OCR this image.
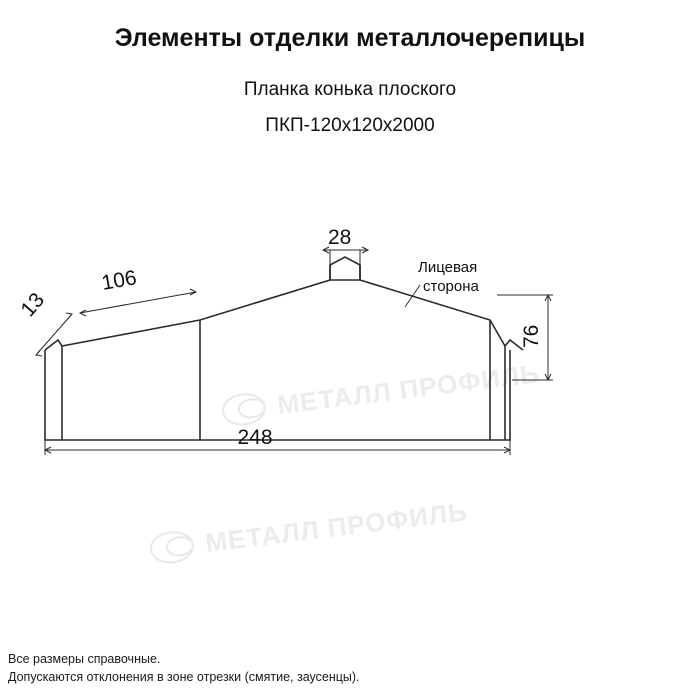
Элементы отделки металлочерепицы
Планка конька плоского
ПКП-120х120х2000
МЕТАЛЛ ПРОФИЛЬ
МЕТАЛЛ ПРОФИЛЬ
Лицевая
сторона
13
106
28
76
248
Все размеры справочные.
Допускаются отклонения в зоне отрезки (смятие, заусенцы).
